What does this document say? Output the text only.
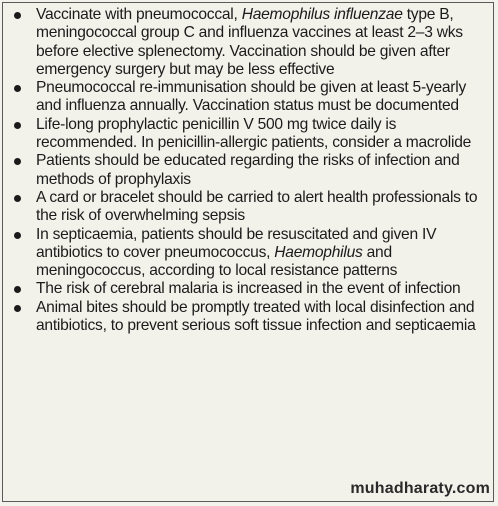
Vaccinate with pneumococcal, Haemophilus influenzae type B, meningococcal group C and influenza vaccines at least 2–3 wks before elective splenectomy. Vaccination should be given after emergency surgery but may be less effective
Pneumococcal re-immunisation should be given at least 5-yearly and influenza annually. Vaccination status must be documented
Life-long prophylactic penicillin V 500 mg twice daily is recommended. In penicillin-allergic patients, consider a macrolide
Patients should be educated regarding the risks of infection and methods of prophylaxis
A card or bracelet should be carried to alert health professionals to the risk of overwhelming sepsis
In septicaemia, patients should be resuscitated and given IV antibiotics to cover pneumococcus, Haemophilus and meningococcus, according to local resistance patterns
The risk of cerebral malaria is increased in the event of infection
Animal bites should be promptly treated with local disinfection and antibiotics, to prevent serious soft tissue infection and septicaemia
muhadharaty.com
